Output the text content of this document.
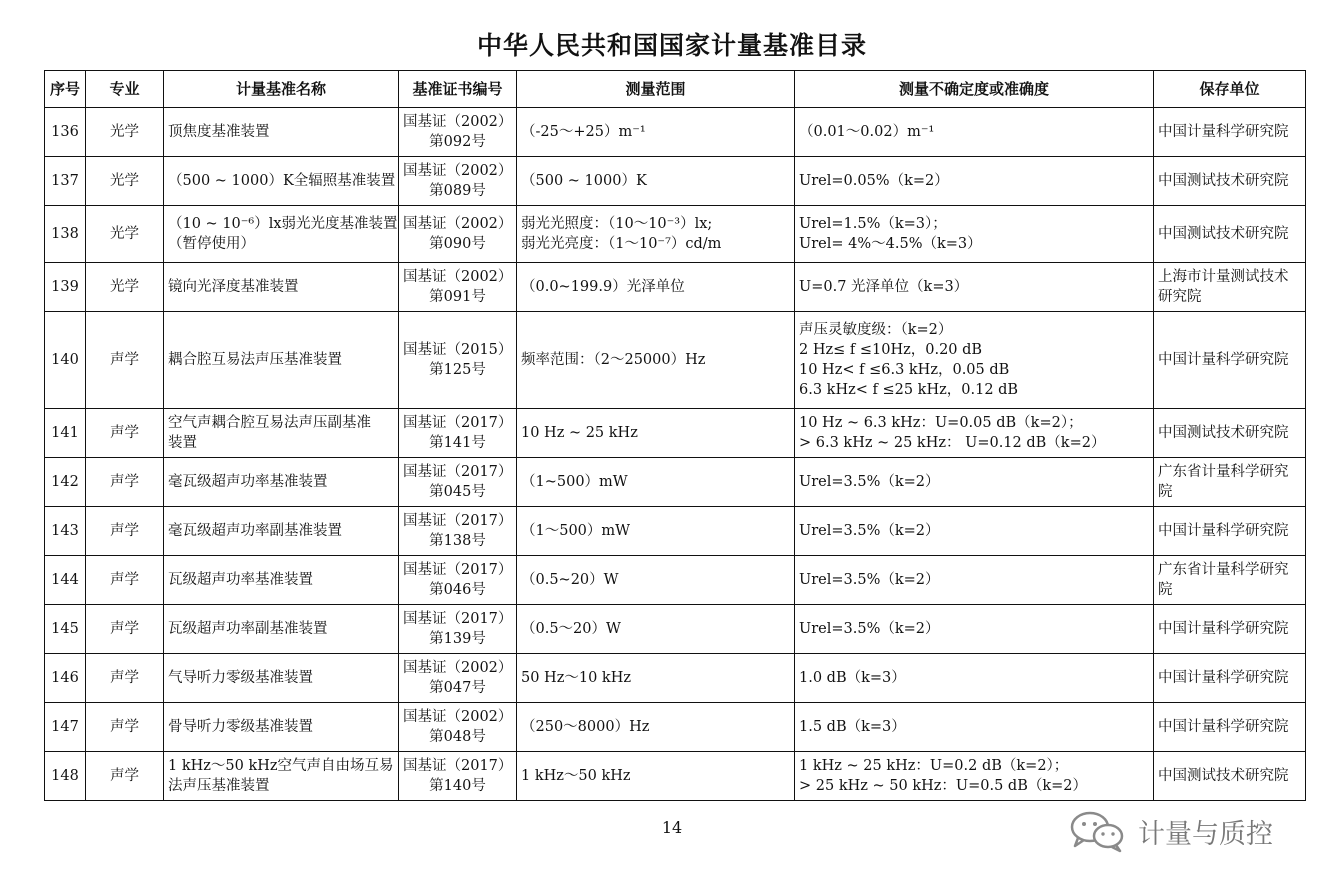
中华人民共和国国家计量基准目录
序号	专业	计量基准名称	基准证书编号	测量范围	测量不确定度或准确度	保存单位
136	光学	顶焦度基准装置	国基证（2002）
第092号	（-25～+25）m⁻¹	（0.01～0.02）m⁻¹	中国计量科学研究院

137	光学	（500 ~ 1000）K全辐照基准装置	国基证（2002）
第089号	（500 ~ 1000）K	Urel=0.05%（k=2）	中国测试技术研究院

138	光学	（10 ~ 10⁻⁶）lx弱光光度基准装置
（暂停使用）	国基证（2002）
第090号	弱光光照度：（10～10⁻³）lx;
弱光光亮度：（1～10⁻⁷）cd/m	Urel=1.5%（k=3）；
Urel= 4%～4.5%（k=3）	中国测试技术研究院

139	光学	镜向光泽度基准装置	国基证（2002）
第091号	（0.0~199.9）光泽单位	U=0.7 光泽单位（k=3）	上海市计量测试技术
研究院

140	声学	耦合腔互易法声压基准装置	国基证（2015）
第125号	频率范围：（2～25000）Hz	声压灵敏度级：（k=2）
2 Hz≤ f ≤10Hz，0.20 dB
10 Hz< f ≤6.3 kHz，0.05 dB
6.3 kHz< f ≤25 kHz，0.12 dB	中国计量科学研究院

141	声学	空气声耦合腔互易法声压副基准
装置	国基证（2017）
第141号	10 Hz ~ 25 kHz	10 Hz ~ 6.3 kHz：U=0.05 dB（k=2）；
> 6.3 kHz ~ 25 kHz： U=0.12 dB（k=2）	中国测试技术研究院

142	声学	毫瓦级超声功率基准装置	国基证（2017）
第045号	（1~500）mW	Urel=3.5%（k=2）	广东省计量科学研究
院

143	声学	毫瓦级超声功率副基准装置	国基证（2017）
第138号	（1～500）mW	Urel=3.5%（k=2）	中国计量科学研究院

144	声学	瓦级超声功率基准装置	国基证（2017）
第046号	（0.5~20）W	Urel=3.5%（k=2）	广东省计量科学研究
院

145	声学	瓦级超声功率副基准装置	国基证（2017）
第139号	（0.5～20）W	Urel=3.5%（k=2）	中国计量科学研究院

146	声学	气导听力零级基准装置	国基证（2002）
第047号	50 Hz～10 kHz	1.0 dB（k=3）	中国计量科学研究院

147	声学	骨导听力零级基准装置	国基证（2002）
第048号	（250～8000）Hz	1.5 dB（k=3）	中国计量科学研究院

148	声学	1 kHz～50 kHz空气声自由场互易
法声压基准装置	国基证（2017）
第140号	1 kHz～50 kHz	1 kHz ~ 25 kHz：U=0.2 dB（k=2）；
> 25 kHz ~ 50 kHz：U=0.5 dB（k=2）	中国测试技术研究院
14	计量与质控
